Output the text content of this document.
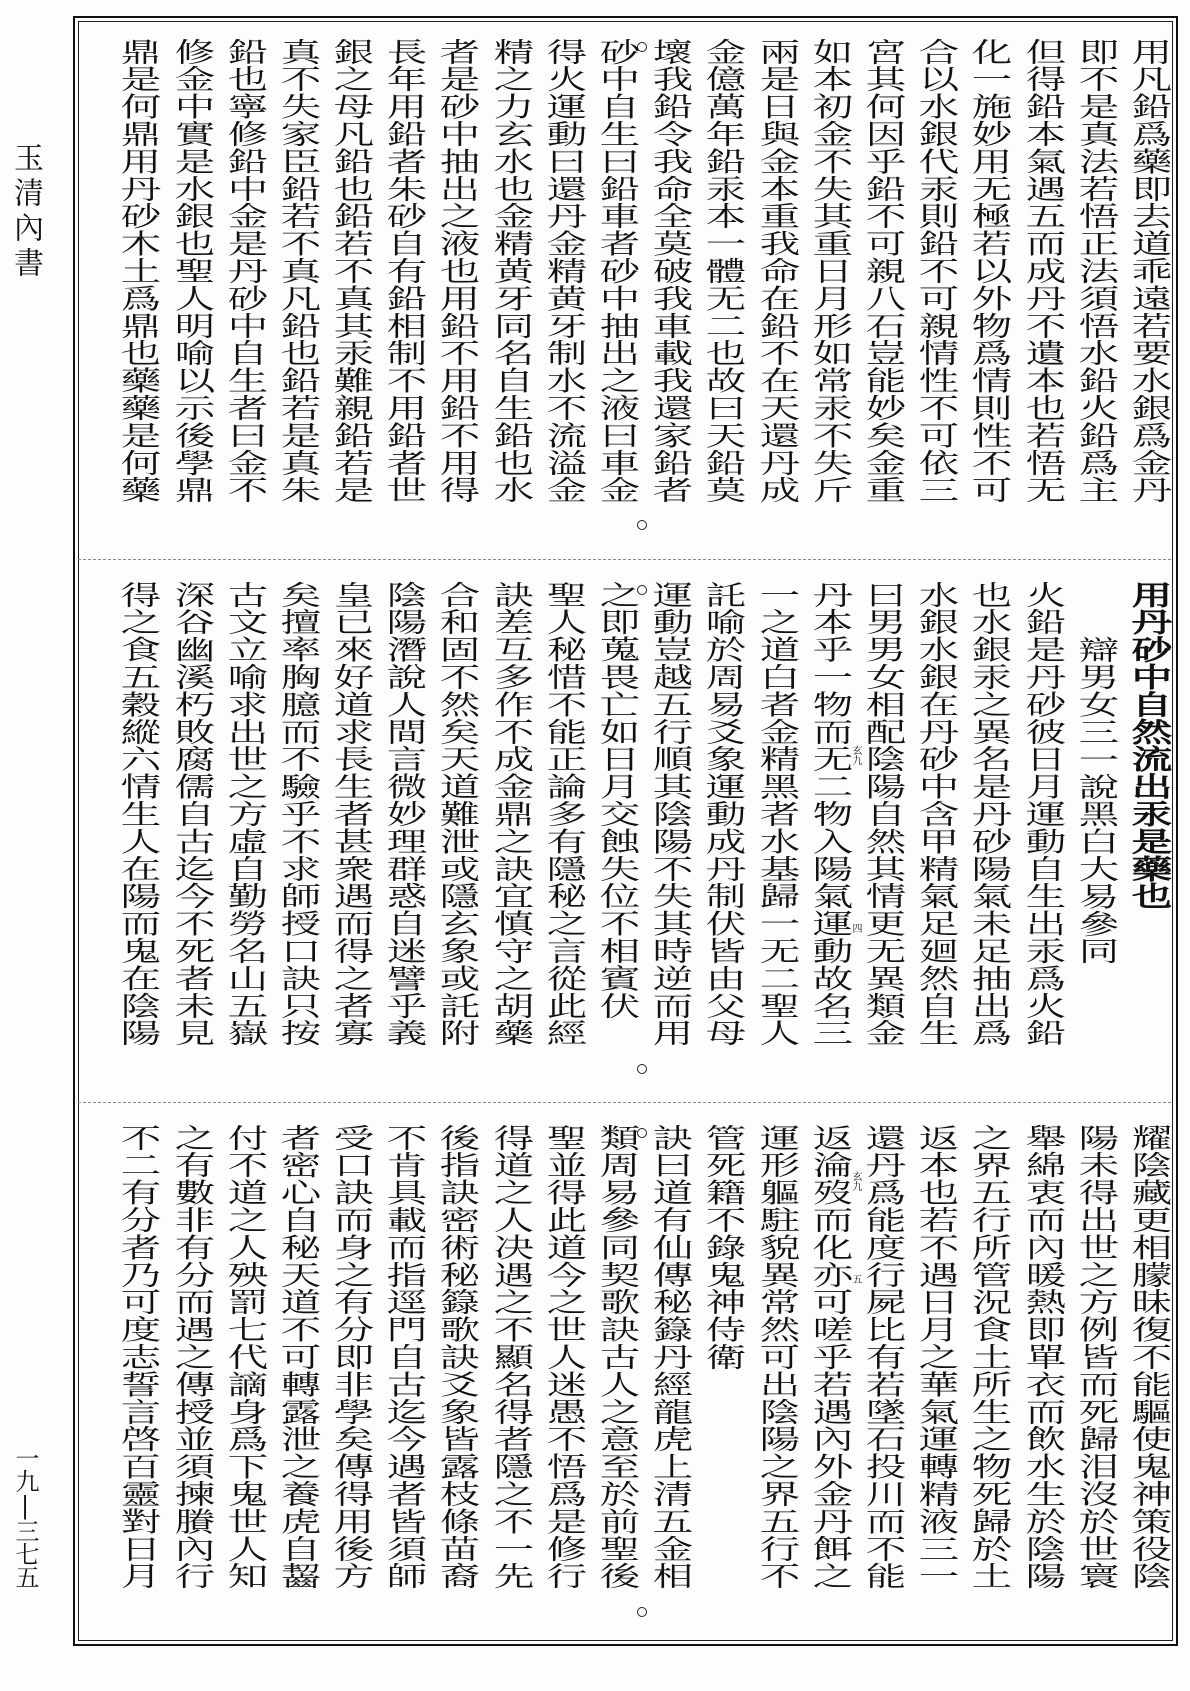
玉清內書
一九|三七五
玄九
四
玄九
五
用凡鉛爲藥即去道乖遠若要水銀爲金丹
即不是真法若悟正法須悟水鉛火鉛爲主
但得鉛本氣遇五而成丹不遺本也若悟无
化一施妙用无極若以外物爲情則性不可
合以水銀代汞則鉛不可親情性不可依三
宮其何因乎鉛不可親八石豈能妙矣金重
如本初金不失其重日月形如常汞不失斤
兩是日與金本重我命在鉛不在天還丹成
金億萬年鉛汞本一體无二也故曰天鉛莫
壞我鉛令我命全莫破我車載我還家鉛者
砂中自生曰鉛車者砂中抽出之液曰車金
得火運動曰還丹金精黄牙制水不流溢金
精之力玄水也金精黄牙同名自生鉛也水
者是砂中抽出之液也用鉛不用鉛不用得
長年用鉛者朱砂自有鉛相制不用鉛者世
銀之母凡鉛也鉛若不真其汞難親鉛若是
真不失家臣鉛若不真凡鉛也鉛若是真朱
鉛也寧修鉛中金是丹砂中自生者曰金不
修金中實是水銀也聖人明喻以示後學鼎
鼎是何鼎用丹砂木土爲鼎也藥藥是何藥
用丹砂中自然流出汞是藥也
辯男女三一說黑白大易參同
火鉛是丹砂彼日月運動自生出汞爲火鉛
也水銀汞之異名是丹砂陽氣未足抽出爲
水銀水銀在丹砂中含甲精氣足廻然自生
曰男男女相配陰陽自然其情更无異類金
丹本乎一物而无二物入陽氣運動故名三
一之道白者金精黑者水基歸一无二聖人
託喻於周易爻象運動成丹制伏皆由父母
運動豈越五行順其陰陽不失其時逆而用
之即蒐畏亡如日月交蝕失位不相賓伏
聖人秘惜不能正論多有隱秘之言從此經
訣差互多作不成金鼎之訣宜慎守之胡藥
合和固不然矣天道難泄或隱玄象或託附
陰陽潛說人間言微妙理群惑自迷譬乎義
皇已來好道求長生者甚衆遇而得之者寡
矣擅率胸臆而不驗乎不求師授口訣只按
古文立喻求出世之方虛自勤勞名山五嶽
深谷幽溪朽敗腐儒自古迄今不死者未見
得之食五穀縱六情生人在陽而鬼在陰陽
耀陰藏更相朦昧復不能驅使鬼神策役陰
陽未得出世之方例皆而死歸泪沒於世寰
舉綿衷而內暖熱即單衣而飲水生於陰陽
之界五行所管況食土所生之物死歸於土
返本也若不遇日月之華氣運轉精液三一
還丹爲能度行屍比有若墜石投川而不能
返淪歿而化亦可嗟乎若遇內外金丹餌之
運形軀駐貌異常然可出陰陽之界五行不
管死籍不錄鬼神侍衛
訣曰道有仙傳秘籙丹經龍虎上清五金相
類周易參同契歌訣古人之意至於前聖後
聖並得此道今之世人迷愚不悟爲是修行
得道之人决遇之不顯名得者隱之不一先
後指訣密術秘籙歌訣爻象皆露枝條苗裔
不肯具載而指逕門自古迄今遇者皆須師
受口訣而身之有分即非學矣傳得用後方
者密心自秘天道不可轉露泄之養虎自齧
付不道之人殃罰七代謫身爲下鬼世人知
之有數非有分而遇之傳授並須揀賸內行
不二有分者乃可度志誓言啓百靈對日月
